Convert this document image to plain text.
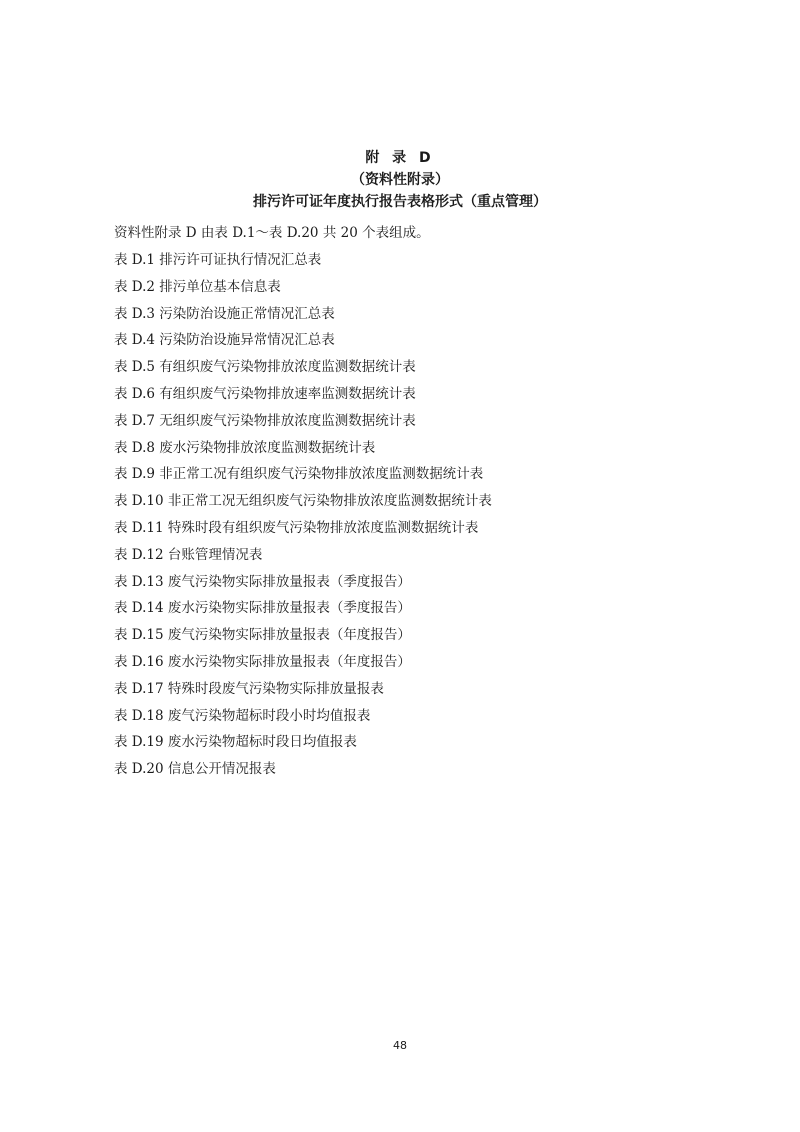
附 录 D
（资料性附录）
排污许可证年度执行报告表格形式（重点管理）
资料性附录 D 由表 D.1～表 D.20 共 20 个表组成。
表 D.1 排污许可证执行情况汇总表
表 D.2 排污单位基本信息表
表 D.3 污染防治设施正常情况汇总表
表 D.4 污染防治设施异常情况汇总表
表 D.5 有组织废气污染物排放浓度监测数据统计表
表 D.6 有组织废气污染物排放速率监测数据统计表
表 D.7 无组织废气污染物排放浓度监测数据统计表
表 D.8 废水污染物排放浓度监测数据统计表
表 D.9 非正常工况有组织废气污染物排放浓度监测数据统计表
表 D.10 非正常工况无组织废气污染物排放浓度监测数据统计表
表 D.11 特殊时段有组织废气污染物排放浓度监测数据统计表
表 D.12 台账管理情况表
表 D.13 废气污染物实际排放量报表（季度报告）
表 D.14 废水污染物实际排放量报表（季度报告）
表 D.15 废气污染物实际排放量报表（年度报告）
表 D.16 废水污染物实际排放量报表（年度报告）
表 D.17 特殊时段废气污染物实际排放量报表
表 D.18 废气污染物超标时段小时均值报表
表 D.19 废水污染物超标时段日均值报表
表 D.20 信息公开情况报表
48
